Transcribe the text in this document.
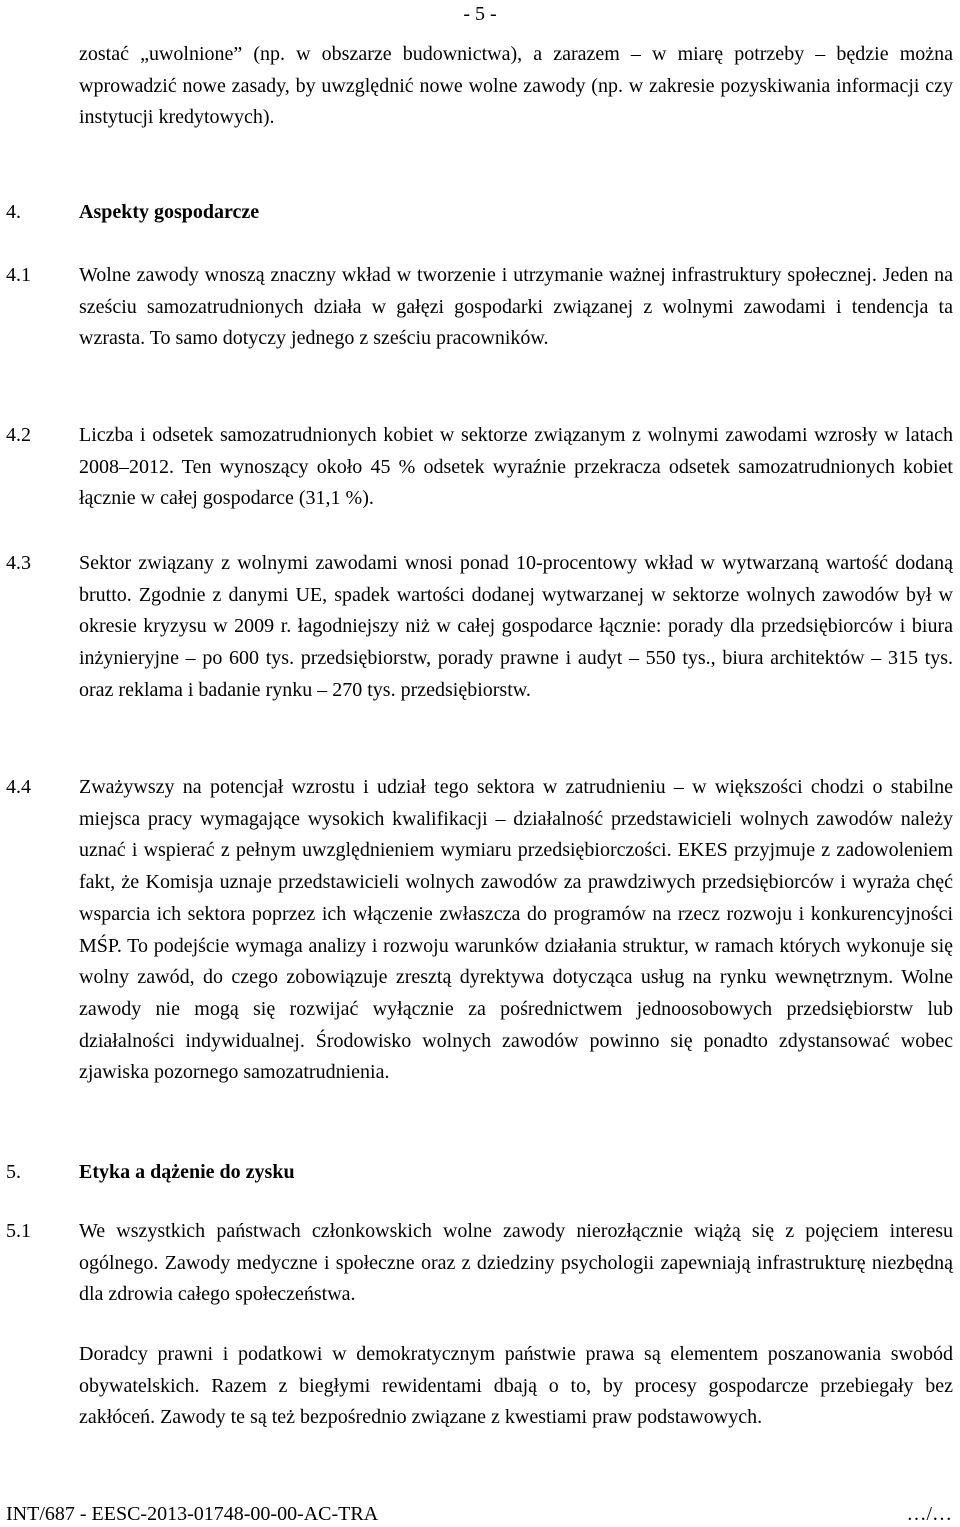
- 5 -
zostać „uwolnione” (np. w obszarze budownictwa), a zarazem – w miarę potrzeby – będzie można wprowadzić nowe zasady, by uwzględnić nowe wolne zawody (np. w zakresie pozyskiwania informacji czy instytucji kredytowych).
4.	Aspekty gospodarcze
4.1 Wolne zawody wnoszą znaczny wkład w tworzenie i utrzymanie ważnej infrastruktury społecznej. Jeden na sześciu samozatrudnionych działa w gałęzi gospodarki związanej z wolnymi zawodami i tendencja ta wzrasta. To samo dotyczy jednego z sześciu pracowników.
4.2 Liczba i odsetek samozatrudnionych kobiet w sektorze związanym z wolnymi zawodami wzrosły w latach 2008–2012. Ten wynoszący około 45 % odsetek wyraźnie przekracza odsetek samozatrudnionych kobiet łącznie w całej gospodarce (31,1 %).
4.3 Sektor związany z wolnymi zawodami wnosi ponad 10-procentowy wkład w wytwarzaną wartość dodaną brutto. Zgodnie z danymi UE, spadek wartości dodanej wytwarzanej w sektorze wolnych zawodów był w okresie kryzysu w 2009 r. łagodniejszy niż w całej gospodarce łącznie: porady dla przedsiębiorców i biura inżynieryjne – po 600 tys. przedsiębiorstw, porady prawne i audyt – 550 tys., biura architektów – 315 tys. oraz reklama i badanie rynku – 270 tys. przedsiębiorstw.
4.4 Zważywszy na potencjał wzrostu i udział tego sektora w zatrudnieniu – w większości chodzi o stabilne miejsca pracy wymagające wysokich kwalifikacji – działalność przedstawicieli wolnych zawodów należy uznać i wspierać z pełnym uwzględnieniem wymiaru przedsiębiorczości. EKES przyjmuje z zadowoleniem fakt, że Komisja uznaje przedstawicieli wolnych zawodów za prawdziwych przedsiębiorców i wyraża chęć wsparcia ich sektora poprzez ich włączenie zwłaszcza do programów na rzecz rozwoju i konkurencyjności MŚP. To podejście wymaga analizy i rozwoju warunków działania struktur, w ramach których wykonuje się wolny zawód, do czego zobowiązuje zresztą dyrektywa dotycząca usług na rynku wewnętrznym. Wolne zawody nie mogą się rozwijać wyłącznie za pośrednictwem jednoosobowych przedsiębiorstw lub działalności indywidualnej. Środowisko wolnych zawodów powinno się ponadto zdystansować wobec zjawiska pozornego samozatrudnienia.
5.	Etyka a dążenie do zysku
5.1 We wszystkich państwach członkowskich wolne zawody nierozłącznie wiążą się z pojęciem interesu ogólnego. Zawody medyczne i społeczne oraz z dziedziny psychologii zapewniają infrastrukturę niezbędną dla zdrowia całego społeczeństwa.
Doradcy prawni i podatkowi w demokratycznym państwie prawa są elementem poszanowania swobód obywatelskich. Razem z biegłymi rewidentami dbają o to, by procesy gospodarcze przebiegały bez zakłóceń. Zawody te są też bezpośrednio związane z kwestiami praw podstawowych.
INT/687 - EESC-2013-01748-00-00-AC-TRA	…/…
